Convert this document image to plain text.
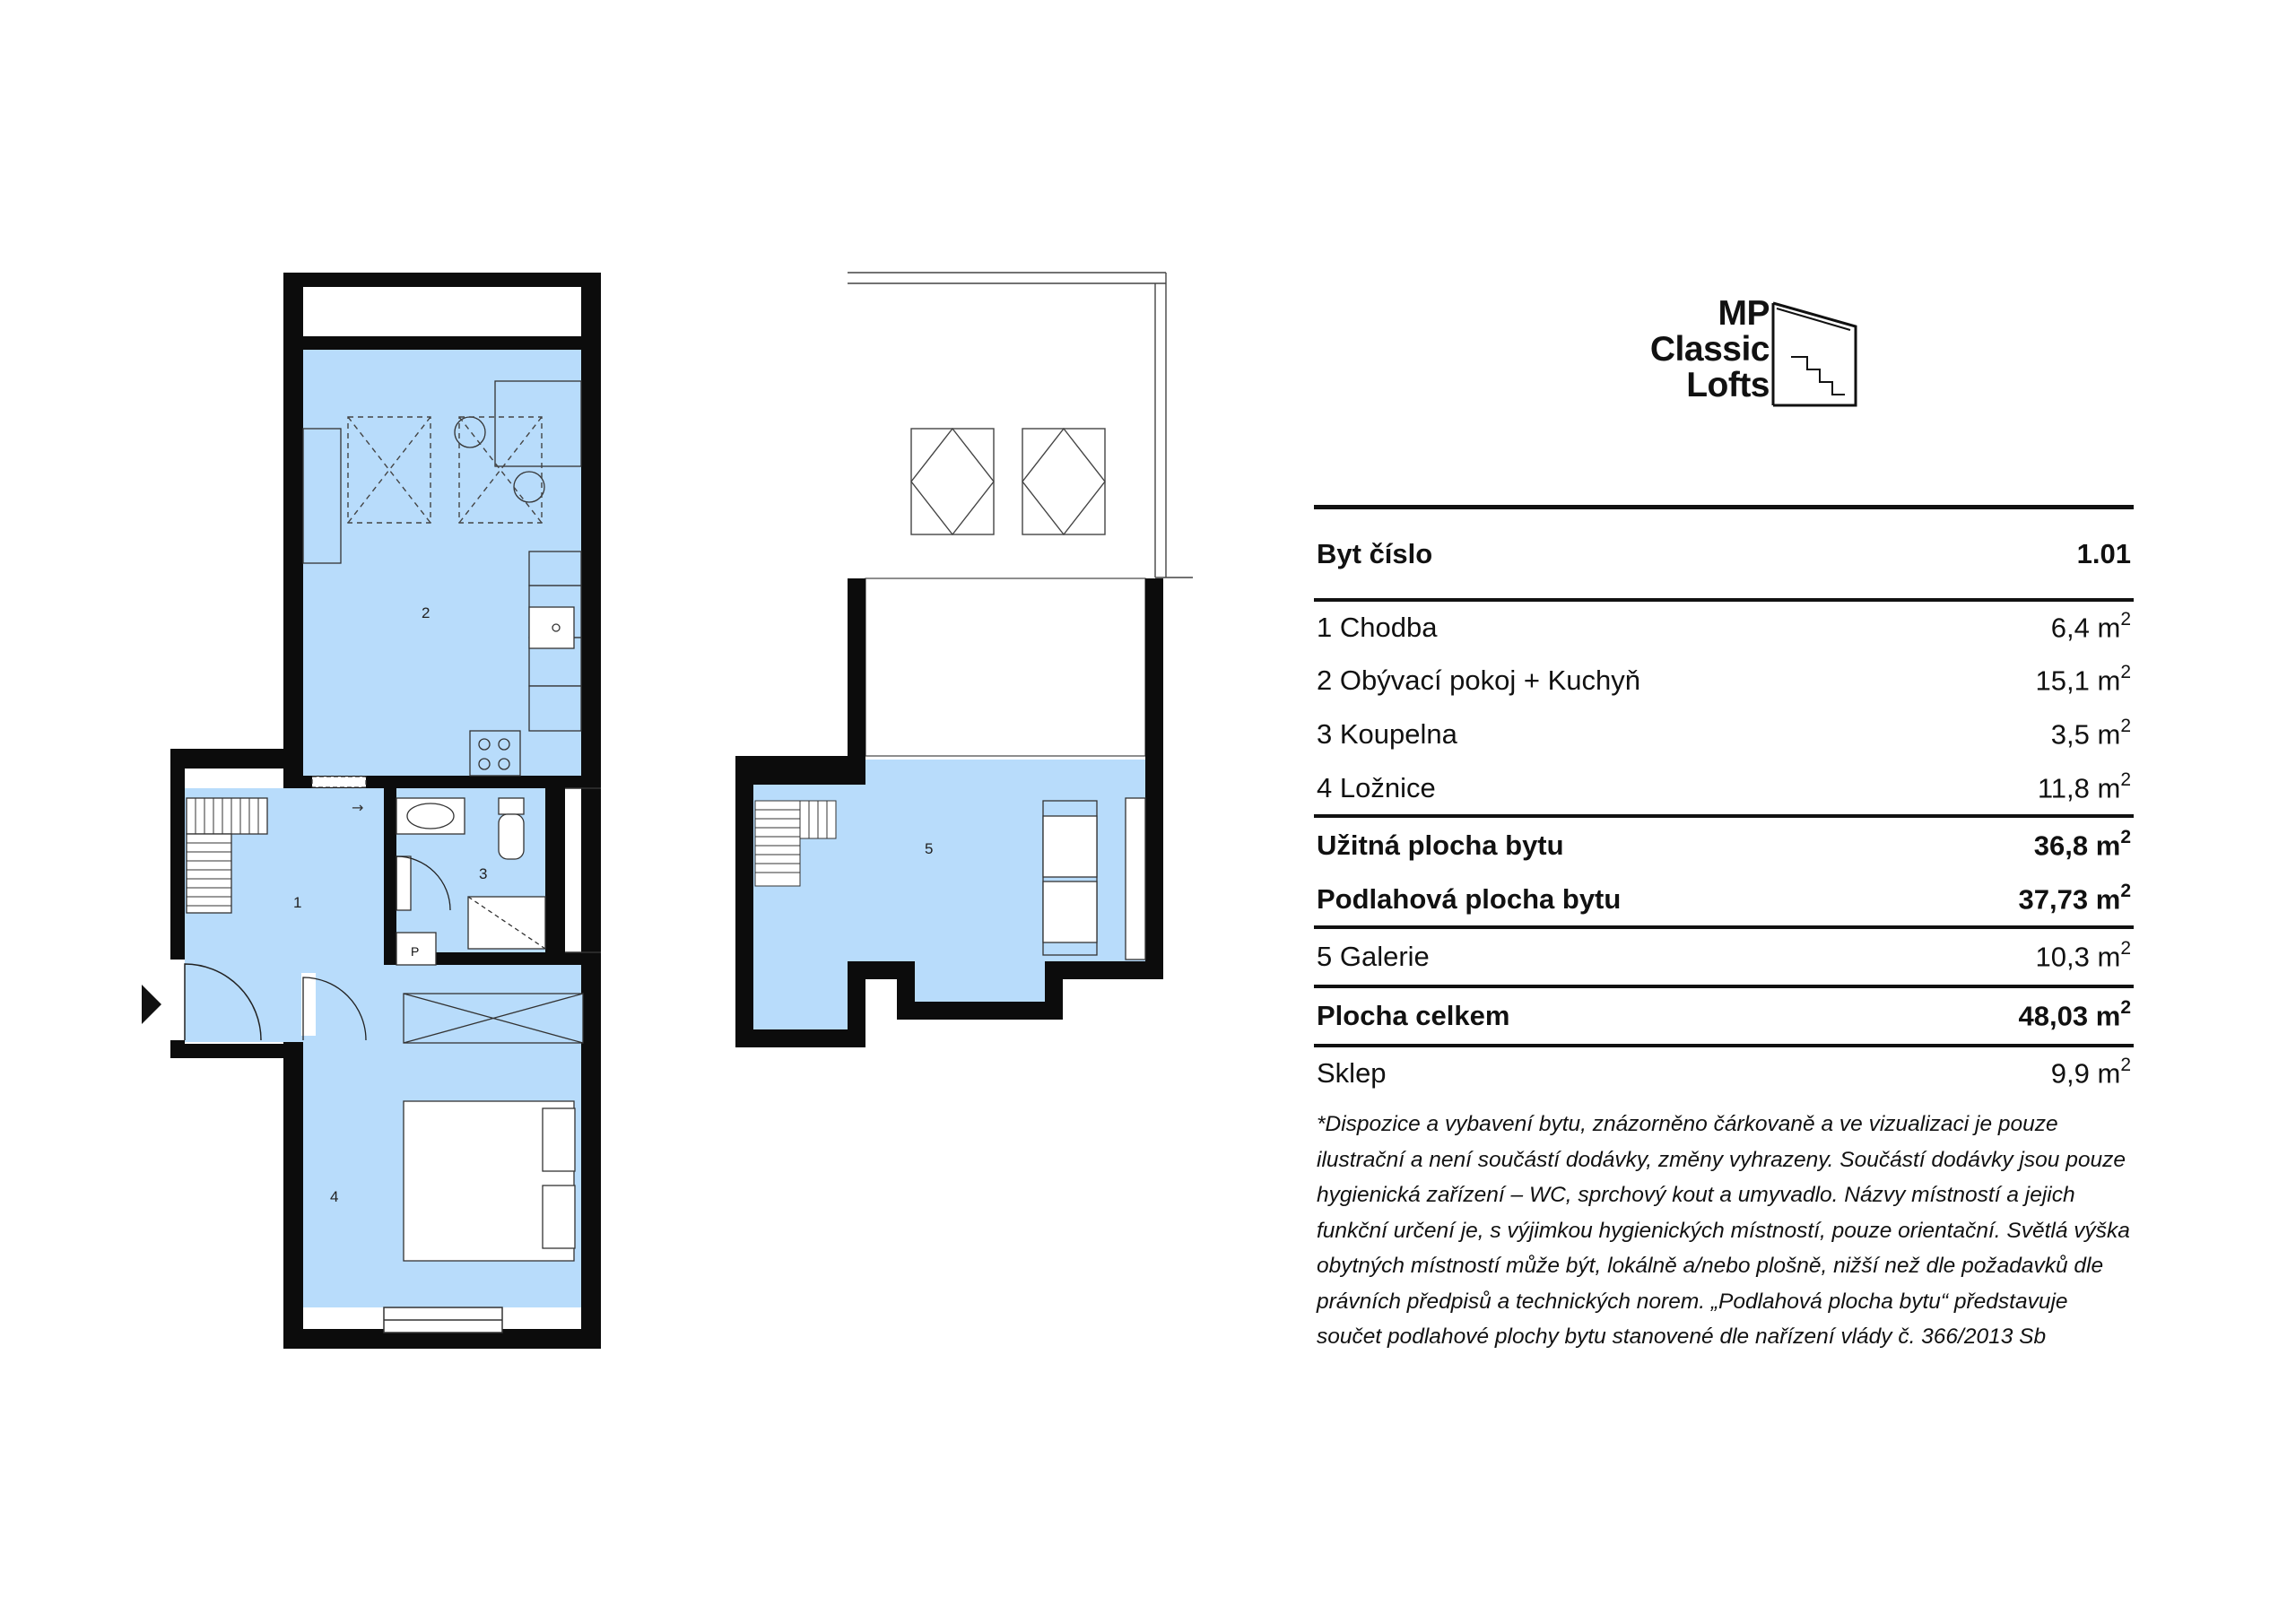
→
P
1
2
3
4
5
MP
Classic
Lofts
Byt číslo	1.01
1 Chodba	6,4 $m^2$
2 Obývací pokoj + Kuchyň	15,1 $m^2$
3 Koupelna	3,5 $m^2$
4 Ložnice	11,8 $m^2$
Užitná plocha bytu	36,8 $m^2$
Podlahová plocha bytu	37,73 $m^2$
5 Galerie	10,3 $m^2$
Plocha celkem	48,03 $m^2$
Sklep	9,9 $m^2$
*Dispozice a vybavení bytu, znázorněno čárkovaně a ve vizualizaci je pouze ilustrační a není součástí dodávky, změny vyhrazeny. Součástí dodávky jsou pouze hygienická zařízení – WC, sprchový kout a umyvadlo. Názvy místností a jejich funkční určení je, s výjimkou hygienických místností, pouze orientační. Světlá výška obytných místností může být, lokálně a/nebo plošně, nižší než dle požadavků dle právních předpisů a technických norem. „Podlahová plocha bytu“ představuje součet podlahové plochy bytu stanovené dle nařízení vlády č. 366/2013 Sb
